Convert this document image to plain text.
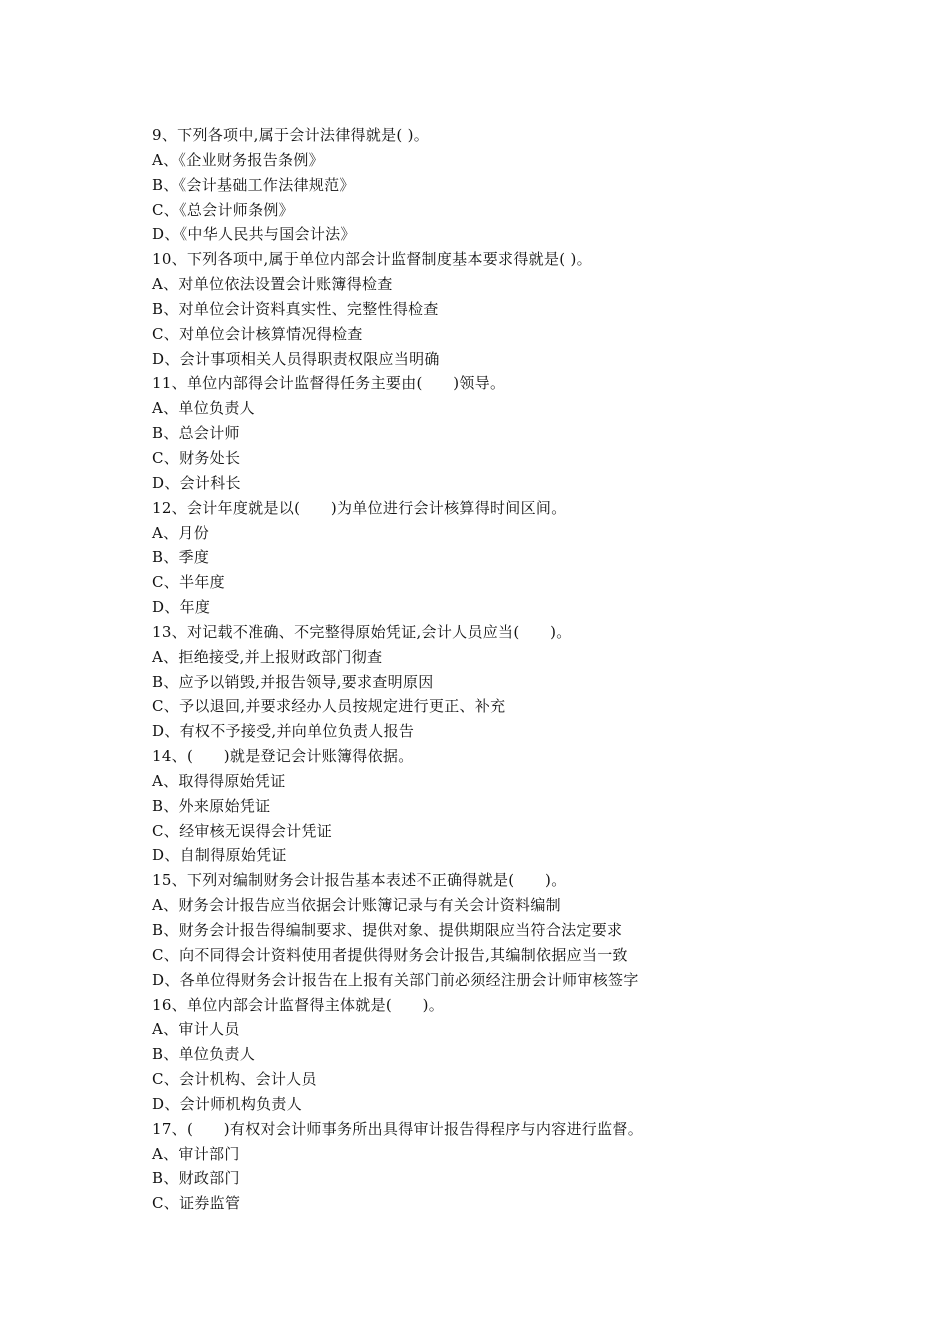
9、下列各项中,属于会计法律得就是( )。
A、《企业财务报告条例》
B、《会计基础工作法律规范》
C、《总会计师条例》
D、《中华人民共与国会计法》
10、下列各项中,属于单位内部会计监督制度基本要求得就是( )。
A、对单位依法设置会计账簿得检查
B、对单位会计资料真实性、完整性得检查
C、对单位会计核算情况得检查
D、会计事项相关人员得职责权限应当明确
11、单位内部得会计监督得任务主要由(　　)领导。
A、单位负责人
B、总会计师
C、财务处长
D、会计科长
12、会计年度就是以(　　)为单位进行会计核算得时间区间。
A、月份
B、季度
C、半年度
D、年度
13、对记载不准确、不完整得原始凭证,会计人员应当(　　)。
A、拒绝接受,并上报财政部门彻查
B、应予以销毁,并报告领导,要求查明原因
C、予以退回,并要求经办人员按规定进行更正、补充
D、有权不予接受,并向单位负责人报告
14、(　　)就是登记会计账簿得依据。
A、取得得原始凭证
B、外来原始凭证
C、经审核无误得会计凭证
D、自制得原始凭证
15、下列对编制财务会计报告基本表述不正确得就是(　　)。
A、财务会计报告应当依据会计账簿记录与有关会计资料编制
B、财务会计报告得编制要求、提供对象、提供期限应当符合法定要求
C、向不同得会计资料使用者提供得财务会计报告,其编制依据应当一致
D、各单位得财务会计报告在上报有关部门前必须经注册会计师审核签字
16、单位内部会计监督得主体就是(　　)。
A、审计人员
B、单位负责人
C、会计机构、会计人员
D、会计师机构负责人
17、(　　)有权对会计师事务所出具得审计报告得程序与内容进行监督。
A、审计部门
B、财政部门
C、证券监管
